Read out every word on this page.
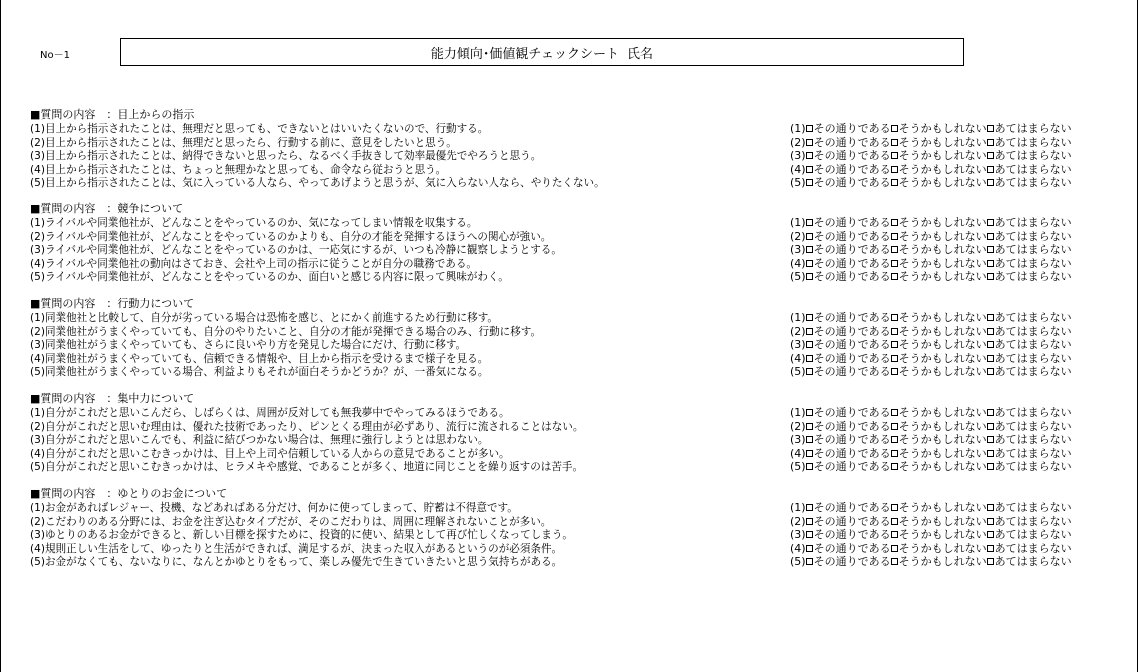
No－1	能力傾向･価値観チェックシート 氏名
■質問の内容　：目上からの指示
(1)目上から指示されたことは、無理だと思っても、できないとはいいたくないので、行動する。	(1) その通りである そうかもしれない あてはまらない
(2)目上から指示されたことは、無理だと思ったら、行動する前に、意見をしたいと思う。	(2) その通りである そうかもしれない あてはまらない
(3)目上から指示されたことは、納得できないと思ったら、なるべく手抜きして効率最優先でやろうと思う。	(3) その通りである そうかもしれない あてはまらない
(4)目上から指示されたことは、ちょっと無理かなと思っても、命令なら従おうと思う。	(4) その通りである そうかもしれない あてはまらない
(5)目上から指示されたことは、気に入っている人なら、やってあげようと思うが、気に入らない人なら、やりたくない。	(5) その通りである そうかもしれない あてはまらない
■質問の内容　：競争について
(1)ライバルや同業他社が、どんなことをやっているのか、気になってしまい情報を収集する。	(1) その通りである そうかもしれない あてはまらない
(2)ライバルや同業他社が、どんなことをやっているのかよりも、自分の才能を発揮するほうへの関心が強い。	(2) その通りである そうかもしれない あてはまらない
(3)ライバルや同業他社が、どんなことをやっているのかは、一応気にするが、いつも冷静に観察しようとする。	(3) その通りである そうかもしれない あてはまらない
(4)ライバルや同業他社の動向はさておき、会社や上司の指示に従うことが自分の職務である。	(4) その通りである そうかもしれない あてはまらない
(5)ライバルや同業他社が、どんなことをやっているのか、面白いと感じる内容に限って興味がわく。	(5) その通りである そうかもしれない あてはまらない
■質問の内容　：行動力について
(1)同業他社と比較して、自分が劣っている場合は恐怖を感じ、とにかく前進するため行動に移す。	(1) その通りである そうかもしれない あてはまらない
(2)同業他社がうまくやっていても、自分のやりたいこと、自分の才能が発揮できる場合のみ、行動に移す。	(2) その通りである そうかもしれない あてはまらない
(3)同業他社がうまくやっていても、さらに良いやり方を発見した場合にだけ、行動に移す。	(3) その通りである そうかもしれない あてはまらない
(4)同業他社がうまくやっていても、信頼できる情報や、目上から指示を受けるまで様子を見る。	(4) その通りである そうかもしれない あてはまらない
(5)同業他社がうまくやっている場合、利益よりもそれが面白そうかどうか？が、一番気になる。	(5) その通りである そうかもしれない あてはまらない
■質問の内容　：集中力について
(1)自分がこれだと思いこんだら、しばらくは、周囲が反対しても無我夢中でやってみるほうである。	(1) その通りである そうかもしれない あてはまらない
(2)自分がこれだと思いむ理由は、優れた技術であったり、ピンとくる理由が必ずあり、流行に流されることはない。	(2) その通りである そうかもしれない あてはまらない
(3)自分がこれだと思いこんでも、利益に結びつかない場合は、無理に強行しようとは思わない。	(3) その通りである そうかもしれない あてはまらない
(4)自分がこれだと思いこむきっかけは、目上や上司や信頼している人からの意見であることが多い。	(4) その通りである そうかもしれない あてはまらない
(5)自分がこれだと思いこむきっかけは、ヒラメキや感覚、であることが多く、地道に同じことを繰り返すのは苦手。	(5) その通りである そうかもしれない あてはまらない
■質問の内容　：ゆとりのお金について
(1)お金があればレジャー、投機、などあればある分だけ、何かに使ってしまって、貯蓄は不得意です。	(1) その通りである そうかもしれない あてはまらない
(2)こだわりのある分野には、お金を注ぎ込むタイプだが、そのこだわりは、周囲に理解されないことが多い。	(2) その通りである そうかもしれない あてはまらない
(3)ゆとりのあるお金ができると、新しい目標を探すために、投資的に使い、結果として再び忙しくなってしまう。	(3) その通りである そうかもしれない あてはまらない
(4)規則正しい生活をして、ゆったりと生活ができれば、満足するが、決まった収入があるというのが必須条件。	(4) その通りである そうかもしれない あてはまらない
(5)お金がなくても、ないなりに、なんとかゆとりをもって、楽しみ優先で生きていきたいと思う気持ちがある。	(5) その通りである そうかもしれない あてはまらない
